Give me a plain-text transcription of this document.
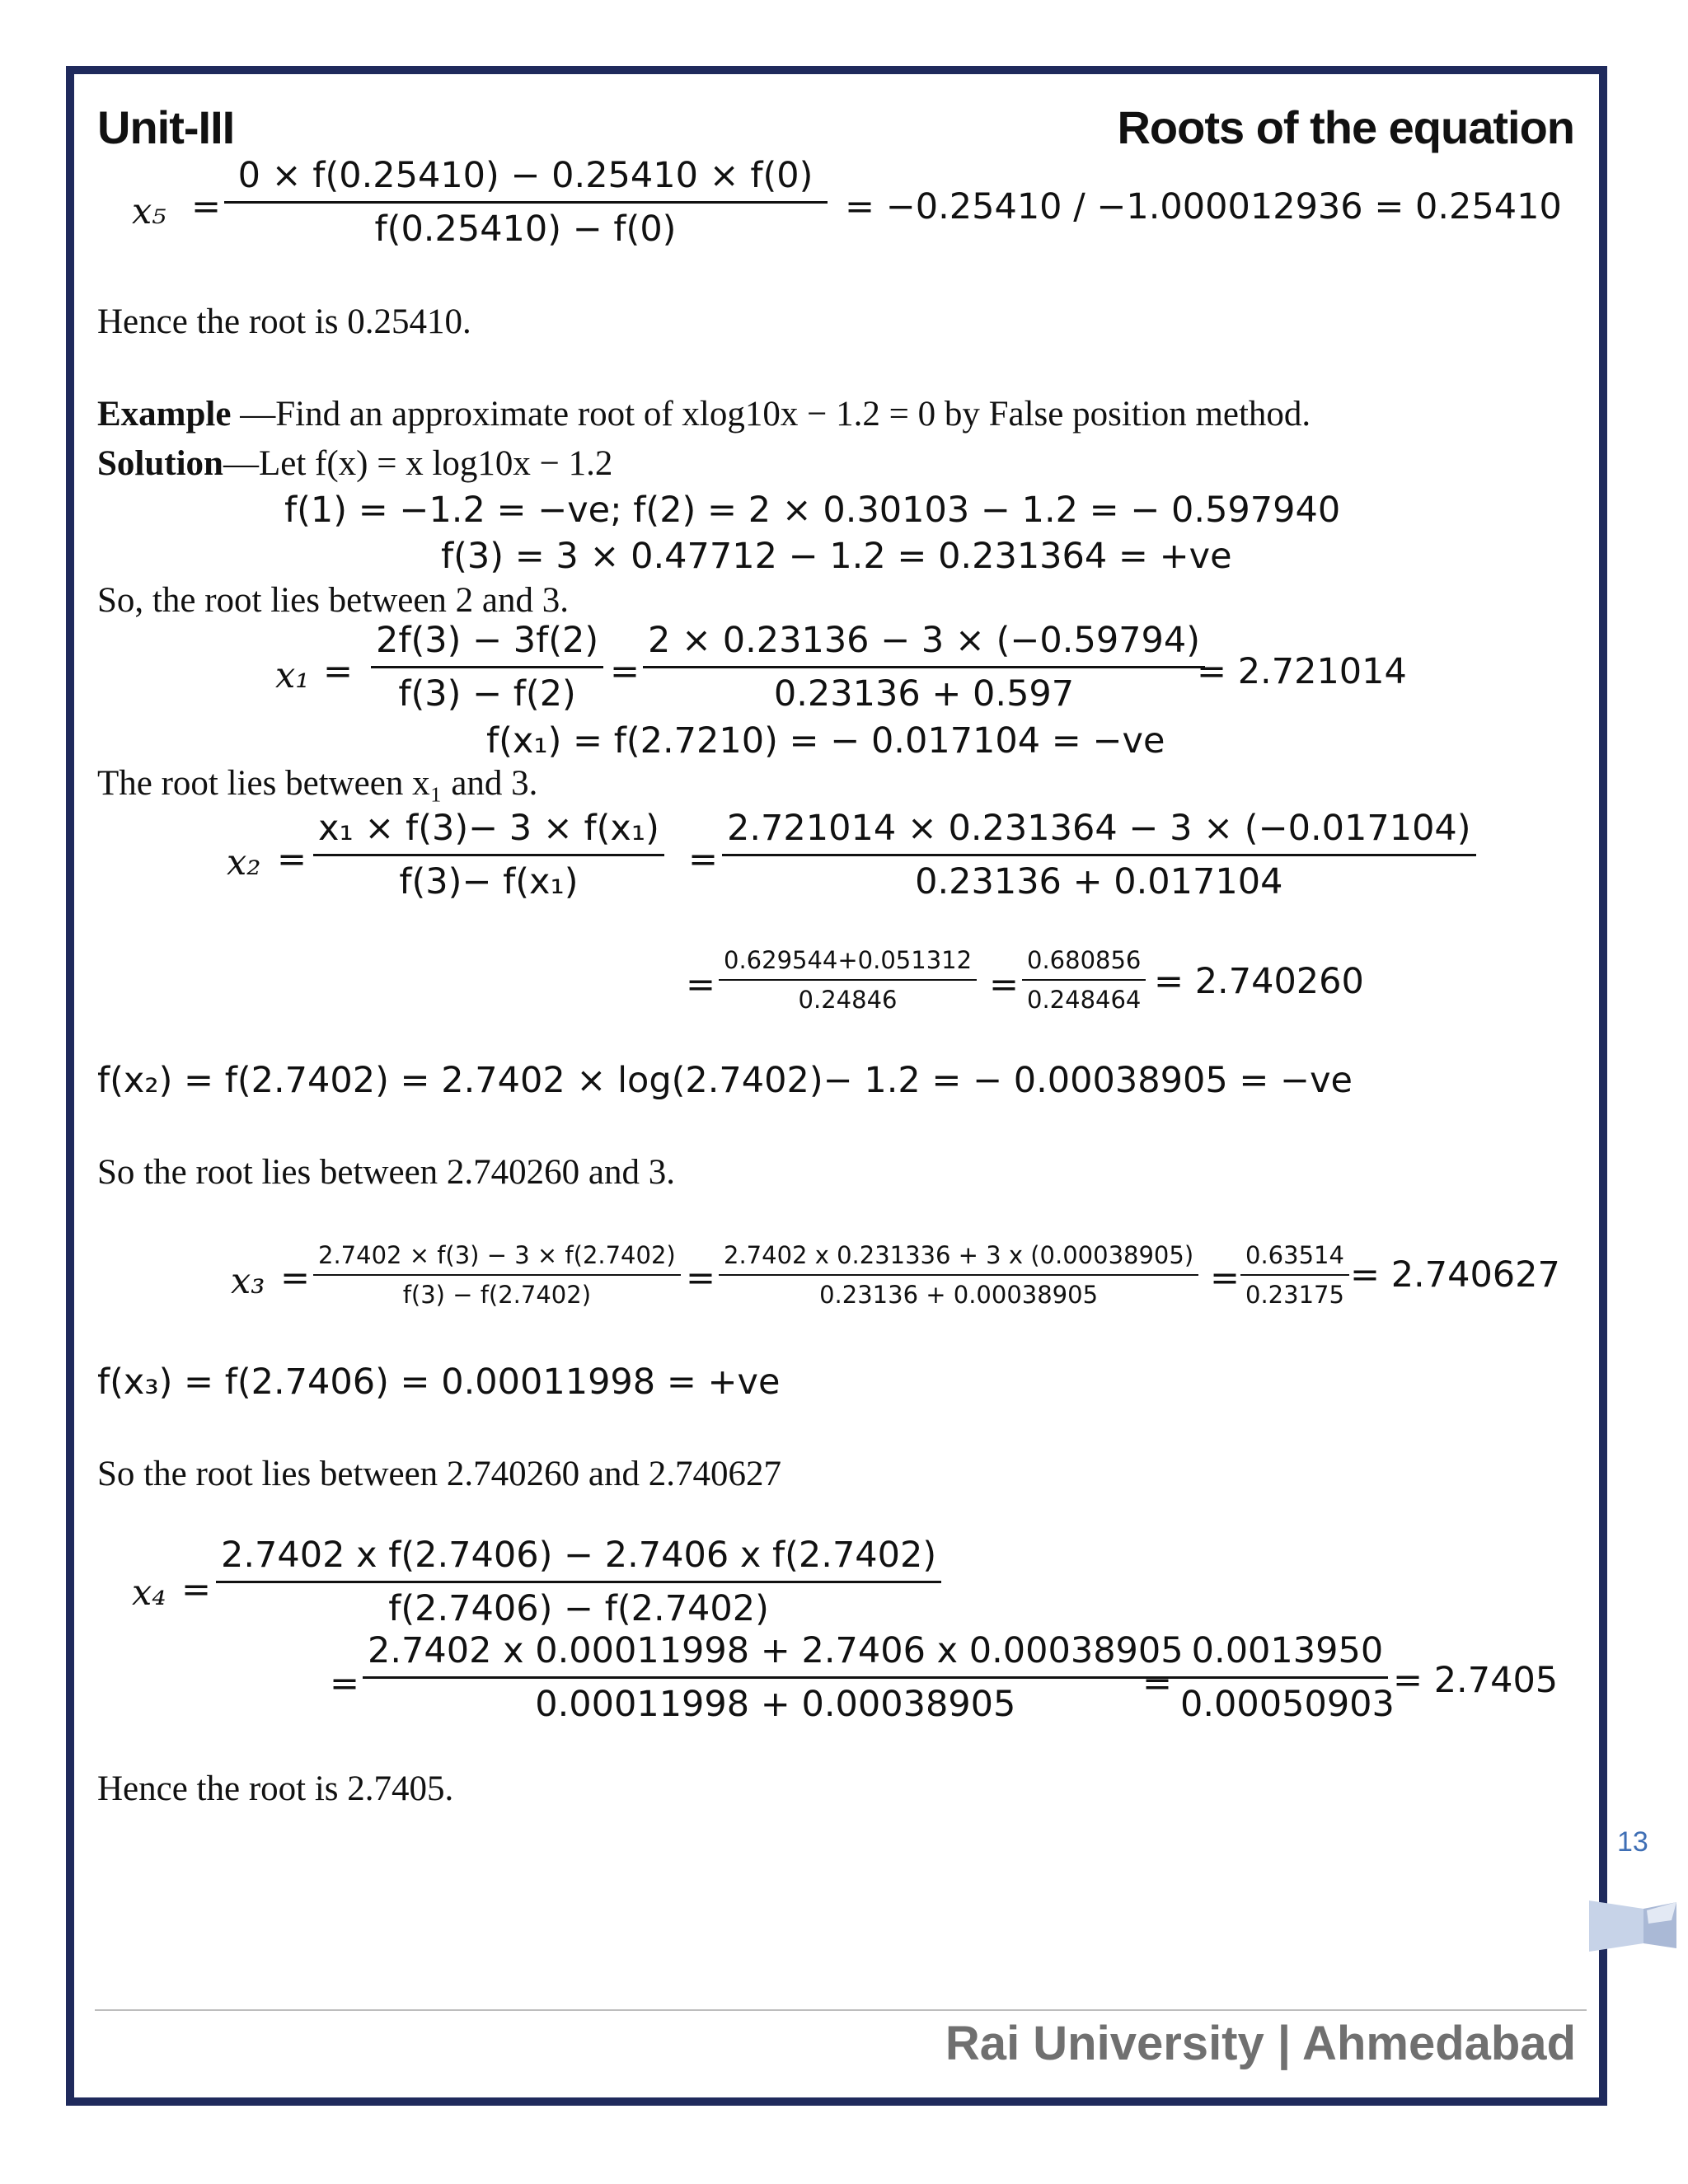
Unit-III	Roots of the equation
$x_5 = \frac{0 \times f(0.25410) - 0.25410 \times f(0)}{f(0.25410) - f(0)} = -0.25410 / -1.000012936 = 0.25410$
Hence the root is 0.25410.
Example —Find an approximate root of xlog10x − 1.2 = 0 by False position method.
Solution—Let f(x) = x log10x − 1.2
f(1) = −1.2 = −ve; f(2) = 2 × 0.30103 − 1.2 = − 0.597940
f(3) = 3 × 0.47712 − 1.2 = 0.231364 = +ve
So, the root lies between 2 and 3.
$x_1 = \frac{2f(3) - 3f(2)}{f(3) - f(2)} = \frac{2 \times 0.23136 - 3 \times (-0.59794)}{0.23136 + 0.597}$
= 2.721014
f(x₁) = f(2.7210) = − 0.017104 = −ve
The root lies between x₁ and 3.
$x_2 = \frac{\text{x₁ × f(3)− 3 × f(x₁)}}{\text{f(3)− f(x₁)}} = \frac{2.721014 \times 0.231364 - 3 \times (-0.017104)}{0.23136 + 0.017104}$
= $\frac{0.629544+0.051312}{0.24846} = \frac{0.680856}{0.248464} = 2.740260$
f(x₂) = f(2.7402) = 2.7402 × log(2.7402)− 1.2 = − 0.00038905 = −ve
So the root lies between 2.740260 and 3.
$x_3 = \frac{2.7402 \times f(3) - 3 \times f(2.7402)}{f(3) - f(2.7402)} = \frac{2.7402 x 0.231336 + 3 x (0.00038905)}{0.23136 + 0.00038905} = \frac{0.63514}{0.23175} = 2.740627$
f(x₃) = f(2.7406) = 0.00011998 = +ve
So the root lies between 2.740260 and 2.740627
$x_4 = \frac{\text{2.7402 x f(2.7406) − 2.7406 x f(2.7402)}}{f(2.7406) - f(2.7402)}$
= $\frac{2.7402 x 0.00011998 + 2.7406 x 0.00038905}{0.00011998 + 0.00038905}$
= $\frac{0.0013950}{0.00050903}$
= 2.7405
Hence the root is 2.7405.
13
Rai University | Ahmedabad
